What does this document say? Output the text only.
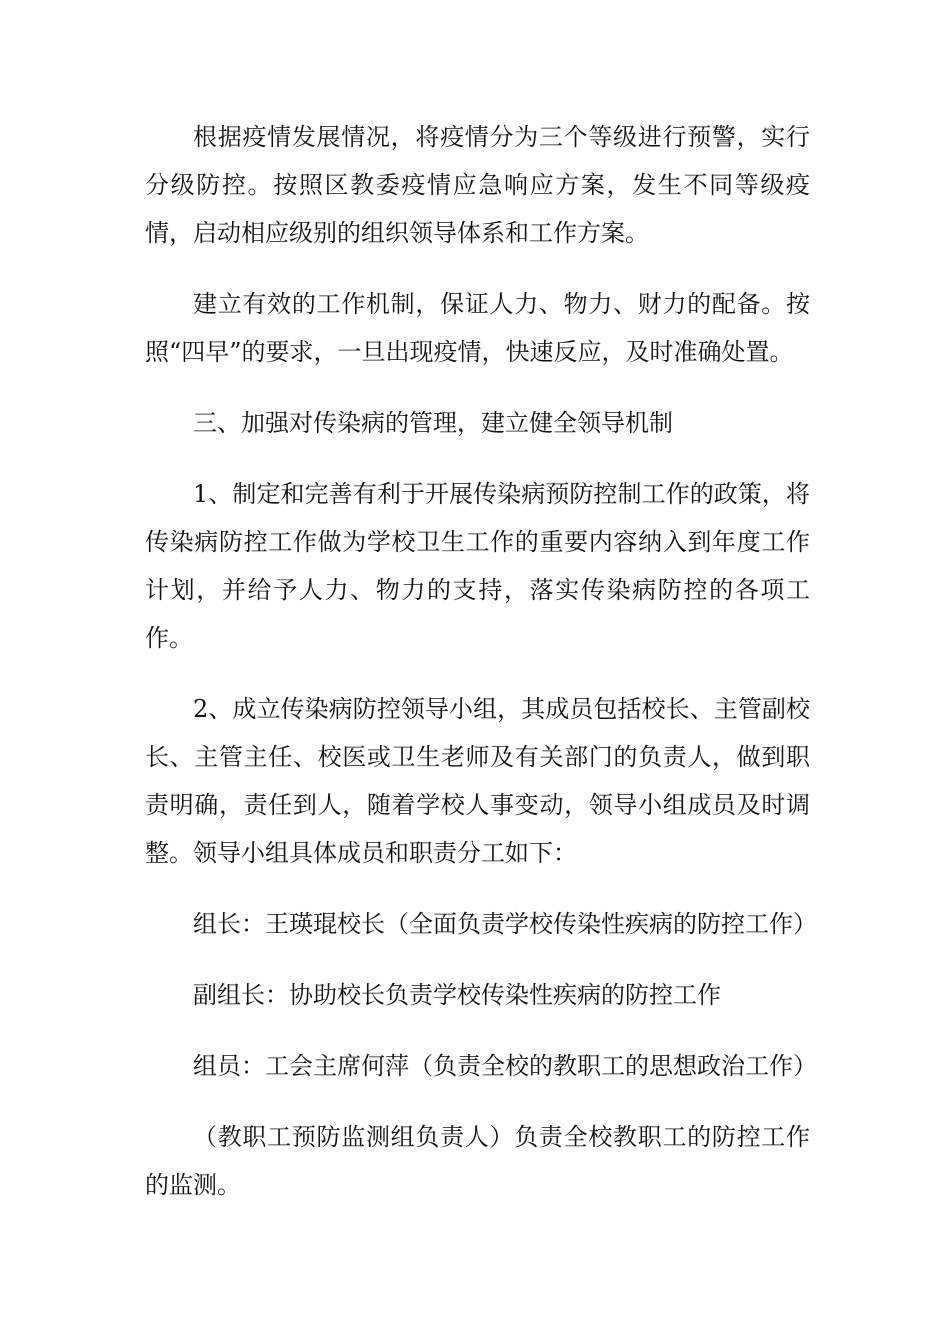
根据疫情发展情况，将疫情分为三个等级进行预警，实行分级防控。按照区教委疫情应急响应方案，发生不同等级疫情，启动相应级别的组织领导体系和工作方案。

建立有效的工作机制，保证人力、物力、财力的配备。按照“四早”的要求，一旦出现疫情，快速反应，及时准确处置。

三、加强对传染病的管理，建立健全领导机制

1、制定和完善有利于开展传染病预防控制工作的政策，将传染病防控工作做为学校卫生工作的重要内容纳入到年度工作计划，并给予人力、物力的支持，落实传染病防控的各项工作。

2、成立传染病防控领导小组，其成员包括校长、主管副校长、主管主任、校医或卫生老师及有关部门的负责人，做到职责明确，责任到人，随着学校人事变动，领导小组成员及时调整。领导小组具体成员和职责分工如下：

组长：王瑛琨校长（全面负责学校传染性疾病的防控工作）

副组长：协助校长负责学校传染性疾病的防控工作

组员：工会主席何萍（负责全校的教职工的思想政治工作）

（教职工预防监测组负责人）负责全校教职工的防控工作的监测。
